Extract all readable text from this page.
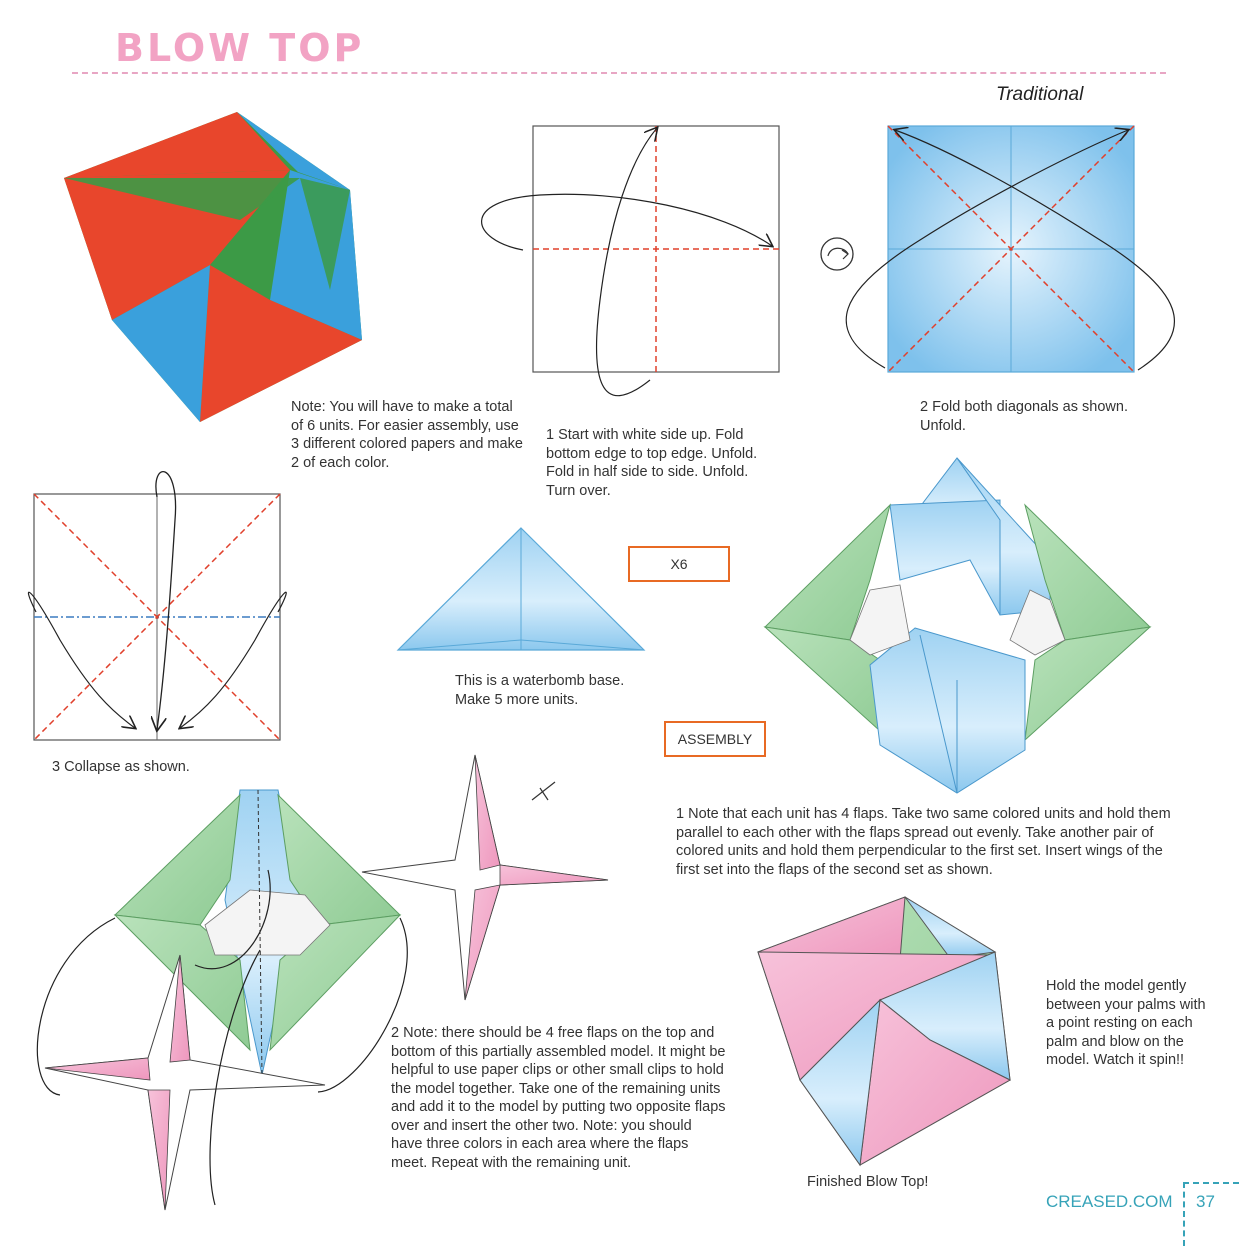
BLOW TOP
Traditional
Note: You will have to make a total of 6 units. For easier assembly, use 3 different colored papers and make 2 of each color.
1 Start with white side up. Fold bottom edge to top edge. Unfold. Fold in half side to side. Unfold. Turn over.
2 Fold both diagonals as shown. Unfold.
3 Collapse as shown.
This is a waterbomb base. Make 5 more units.
X6
ASSEMBLY
1 Note that each unit has 4 flaps. Take two same colored units and hold them parallel to each other with the flaps spread out evenly. Take another pair of colored units and hold them perpendicular to the first set. Insert wings of the first set into the flaps of the second set as shown.
2 Note: there should be 4 free flaps on the top and bottom of this partially assembled model. It might be helpful to use paper clips or other small clips to hold the model together. Take one of the remaining units and add it to the model by putting two opposite flaps over and insert the other two. Note: you should have three colors in each area where the flaps meet. Repeat with the remaining unit.
Hold the model gently between your palms with a point resting on each palm and blow on the model. Watch it spin!!
Finished Blow Top!
CREASED.COM 37
